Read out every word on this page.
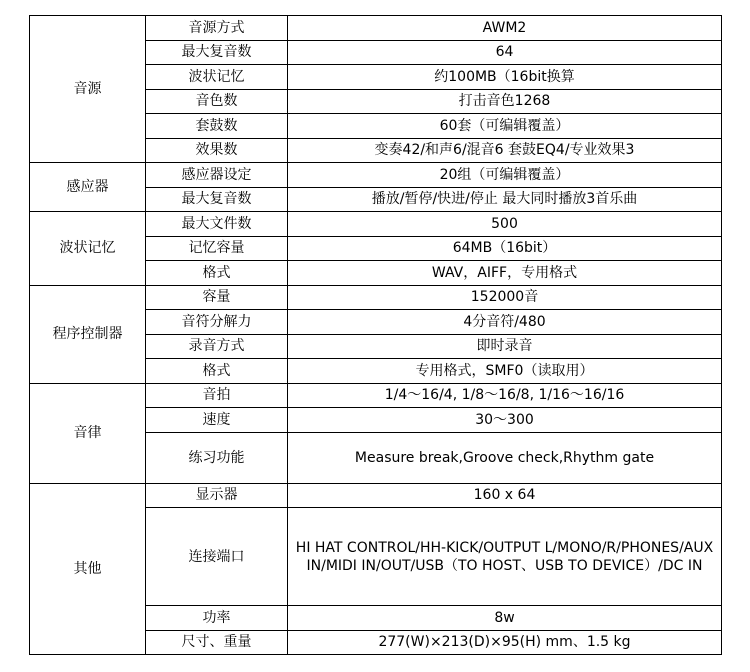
音源	音源方式	AWM2
	最大复音数	64
	波状记忆	约100MB（16bit换算
	音色数	打击音色1268
	套鼓数	60套（可编辑覆盖）
	效果数	变奏42/和声6/混音6 套鼓EQ4/专业效果3
感应器	感应器设定	20组（可编辑覆盖）
	最大复音数	播放/暂停/快进/停止 最大同时播放3首乐曲
波状记忆	最大文件数	500
	记忆容量	64MB（16bit）
	格式	WAV，AIFF，专用格式
程序控制器	容量	152000音
	音符分解力	4分音符/480
	录音方式	即时录音
	格式	专用格式，SMF0（读取用）
音律	音拍	1/4～16/4, 1/8～16/8, 1/16～16/16
	速度	30～300
	练习功能	Measure break,Groove check,Rhythm gate
其他	显示器	160 x 64
	连接端口	HI HAT CONTROL/HH-KICK/OUTPUT L/MONO/R/PHONES/AUX
IN/MIDI IN/OUT/USB（TO HOST、USB TO DEVICE）/DC IN

	功率	8w
	尺寸、重量	277(W)×213(D)×95(H) mm、1.5 kg
